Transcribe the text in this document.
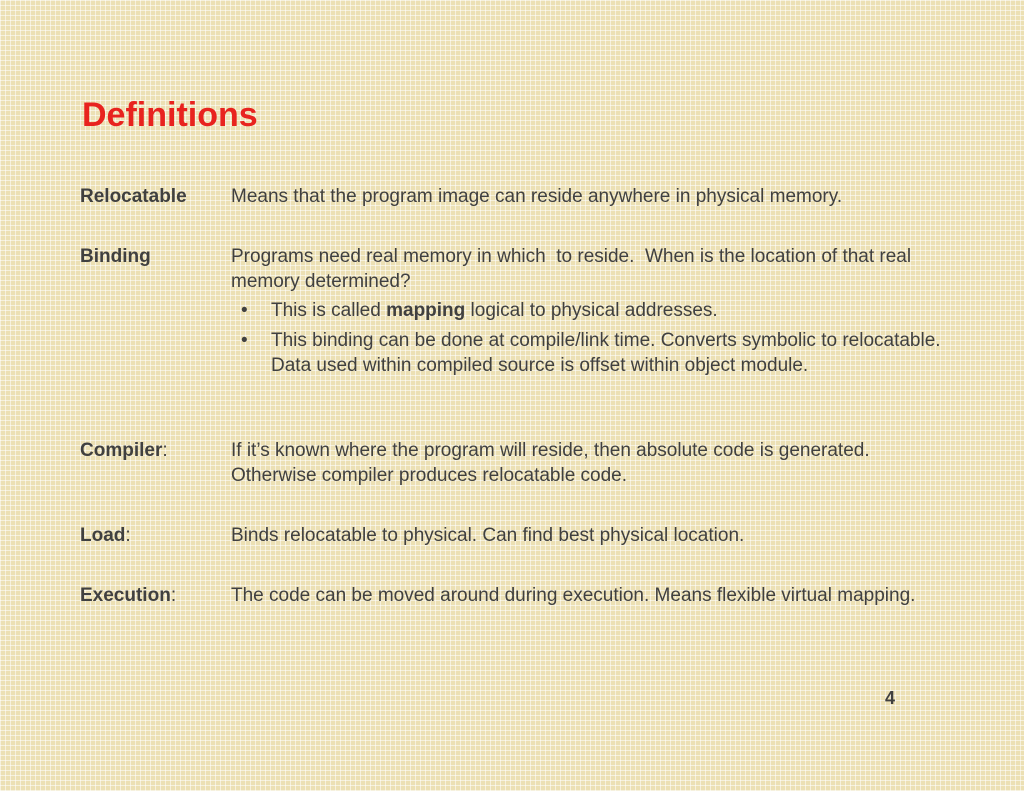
Definitions
Relocatable Means that the program image can reside anywhere in physical memory.
Binding	Programs need real memory in which  to reside.  When is the location of that real memory determined?
• This is called mapping logical to physical addresses.
• This binding can be done at compile/link time. Converts symbolic to relocatable. Data used within compiled source is offset within object module.
Compiler:	If it’s known where the program will reside, then absolute code is generated. Otherwise compiler produces relocatable code.
Load:	Binds relocatable to physical. Can find best physical location.
Execution:	The code can be moved around during execution. Means flexible virtual mapping.
4
